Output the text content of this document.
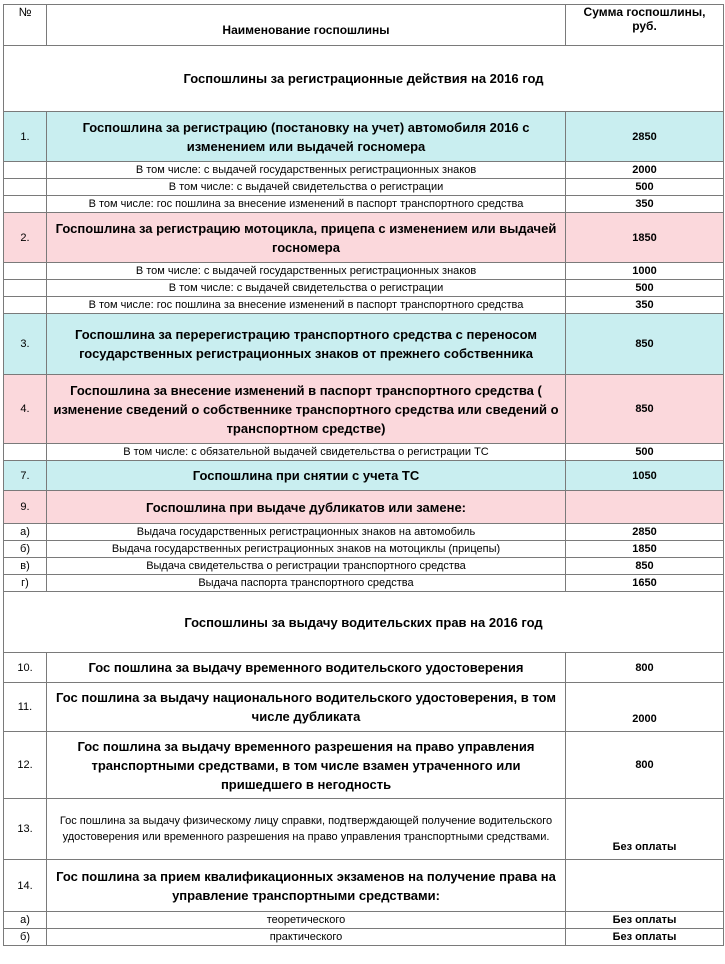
№	Наименование госпошлины	Сумма госпошлины, руб.
Госпошлины за регистрационные действия на 2016 год		
1.	Госпошлина за регистрацию (постановку на учет) автомобиля 2016 с изменением или выдачей госномера	2850
	В том числе: с выдачей государственных регистрационных знаков	2000
	В том числе: с выдачей свидетельства о регистрации	500
	В том числе: гос пошлина за внесение изменений в паспорт транспортного средства	350
2.	Госпошлина за регистрацию мотоцикла, прицепа с изменением или выдачей госномера	1850
	В том числе: с выдачей государственных регистрационных знаков	1000
	В том числе: с выдачей свидетельства о регистрации	500
	В том числе: гос пошлина за внесение изменений в паспорт транспортного средства	350
3.	Госпошлина за перерегистрацию транспортного средства с переносом государственных регистрационных знаков от прежнего собственника	850
4.	Госпошлина за внесение изменений в паспорт транспортного средства ( изменение сведений о собственнике транспортного средства или сведений о транспортном средстве)	850
	В том числе: с обязательной выдачей свидетельства о регистрации ТС	500
7.	Госпошлина при снятии с учета ТС	1050
9.	Госпошлина при выдаче дубликатов или замене:	
а)	Выдача государственных регистрационных знаков на автомобиль	2850
б)	Выдача государственных регистрационных знаков на мотоциклы (прицепы)	1850
в)	Выдача свидетельства о регистрации транспортного средства	850
г)	Выдача паспорта транспортного средства	1650
Госпошлины за выдачу водительских прав на 2016 год		
10.	Гос пошлина за выдачу временного водительского удостоверения	800
11.	Гос пошлина за выдачу национального водительского удостоверения, в том числе дубликата	2000
12.	Гос пошлина за выдачу временного разрешения на право управления транспортными средствами, в том числе взамен утраченного или пришедшего в негодность	800
13.	Гос пошлина за выдачу физическому лицу справки, подтверждающей получение водительского удостоверения или временного разрешения на право управления транспортными средствами.	Без оплаты
14.	Гос пошлина за прием квалификационных экзаменов на получение права на управление транспортными средствами:	
а)	теоретического	Без оплаты
б)	практического	Без оплаты
